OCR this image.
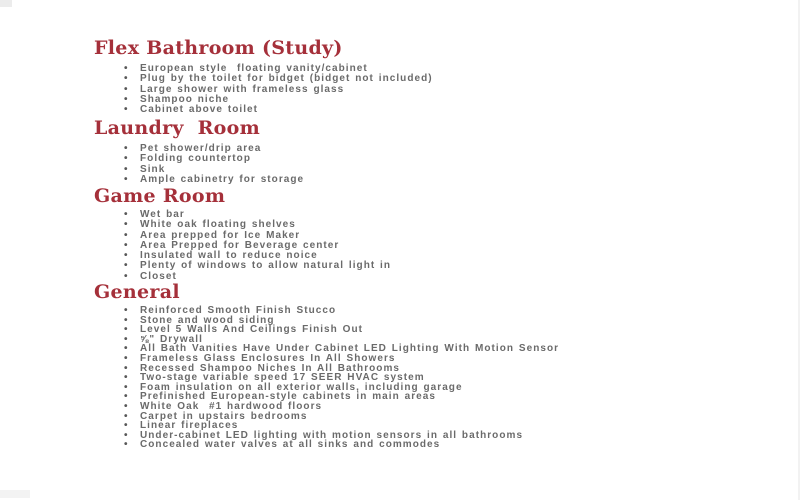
Flex Bathroom (Study)
• European style  floating vanity/cabinet
• Plug by the toilet for bidget (bidget not included)
• Large shower with frameless glass
• Shampoo niche
• Cabinet above toilet
Laundry  Room
• Pet shower/drip area
• Folding countertop
• Sink
• Ample cabinetry for storage
Game Room
• Wet bar
• White oak floating shelves
• Area prepped for Ice Maker
• Area Prepped for Beverage center
• Insulated wall to reduce noice
• Plenty of windows to allow natural light in
• Closet
General
• Reinforced Smooth Finish Stucco
• Stone and wood siding
• Level 5 Walls And Ceilings Finish Out
• ⅝" Drywall
• All Bath Vanities Have Under Cabinet LED Lighting With Motion Sensor
• Frameless Glass Enclosures In All Showers
• Recessed Shampoo Niches In All Bathrooms
• Two-stage variable speed 17 SEER HVAC system
• Foam insulation on all exterior walls, including garage
• Prefinished European-style cabinets in main areas
• White Oak  #1 hardwood floors
• Carpet in upstairs bedrooms
• Linear fireplaces
• Under-cabinet LED lighting with motion sensors in all bathrooms
• Concealed water valves at all sinks and commodes
